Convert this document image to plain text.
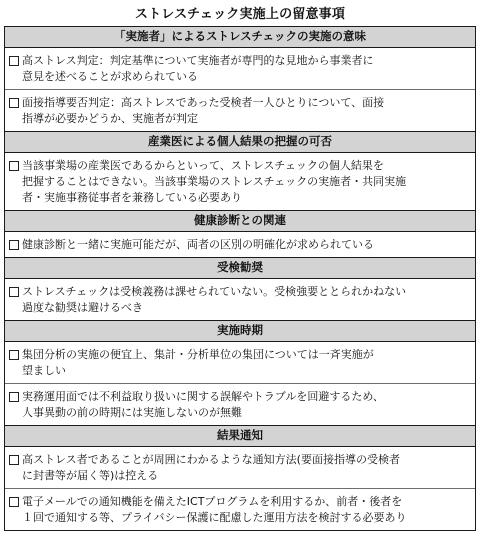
ストレスチェック実施上の留意事項
「実施者」によるストレスチェックの実施の意味
高ストレス判定：判定基準について実施者が専門的な見地から事業者に
意見を述べることが求められている
面接指導要否判定：高ストレスであった受検者一人ひとりについて、面接
指導が必要かどうか、実施者が判定
産業医による個人結果の把握の可否
当該事業場の産業医であるからといって、ストレスチェックの個人結果を
把握することはできない。当該事業場のストレスチェックの実施者・共同実施
者・実施事務従事者を兼務している必要あり
健康診断との関連
健康診断と一緒に実施可能だが、両者の区別の明確化が求められている
受検勧奨
ストレスチェックは受検義務は課せられていない。受検強要ととられかねない
過度な勧奨は避けるべき
実施時期
集団分析の実施の便宜上、集計・分析単位の集団については一斉実施が
望ましい
実務運用面では不利益取り扱いに関する誤解やトラブルを回避するため、
人事異動の前の時期には実施しないのが無難
結果通知
高ストレス者であることが周囲にわかるような通知方法(要面接指導の受検者
に封書等が届く等)は控える
電子メールでの通知機能を備えたICTプログラムを利用するか、前者・後者を
１回で通知する等、プライバシー保護に配慮した運用方法を検討する必要あり
